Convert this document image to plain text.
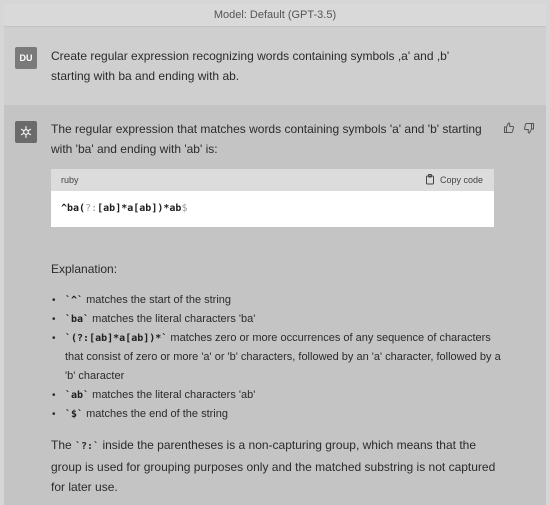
Model: Default (GPT-3.5)
DU	Create regular expression recognizing words containing symbols ,a' and ,b' starting with ba and ending with ab.
The regular expression that matches words containing symbols 'a' and 'b' starting with 'ba' and ending with 'ab' is:
ruby	Copy code
^ba(?:[ab]*a[ab])*ab$
Explanation:
• `^` matches the start of the string
• `ba` matches the literal characters 'ba'
• `(?:[ab]*a[ab])*` matches zero or more occurrences of any sequence of characters that consist of zero or more 'a' or 'b' characters, followed by an 'a' character, followed by a 'b' character
• `ab` matches the literal characters 'ab'
• `$` matches the end of the string
The `?:` inside the parentheses is a non-capturing group, which means that the group is used for grouping purposes only and the matched substring is not captured for later use.
